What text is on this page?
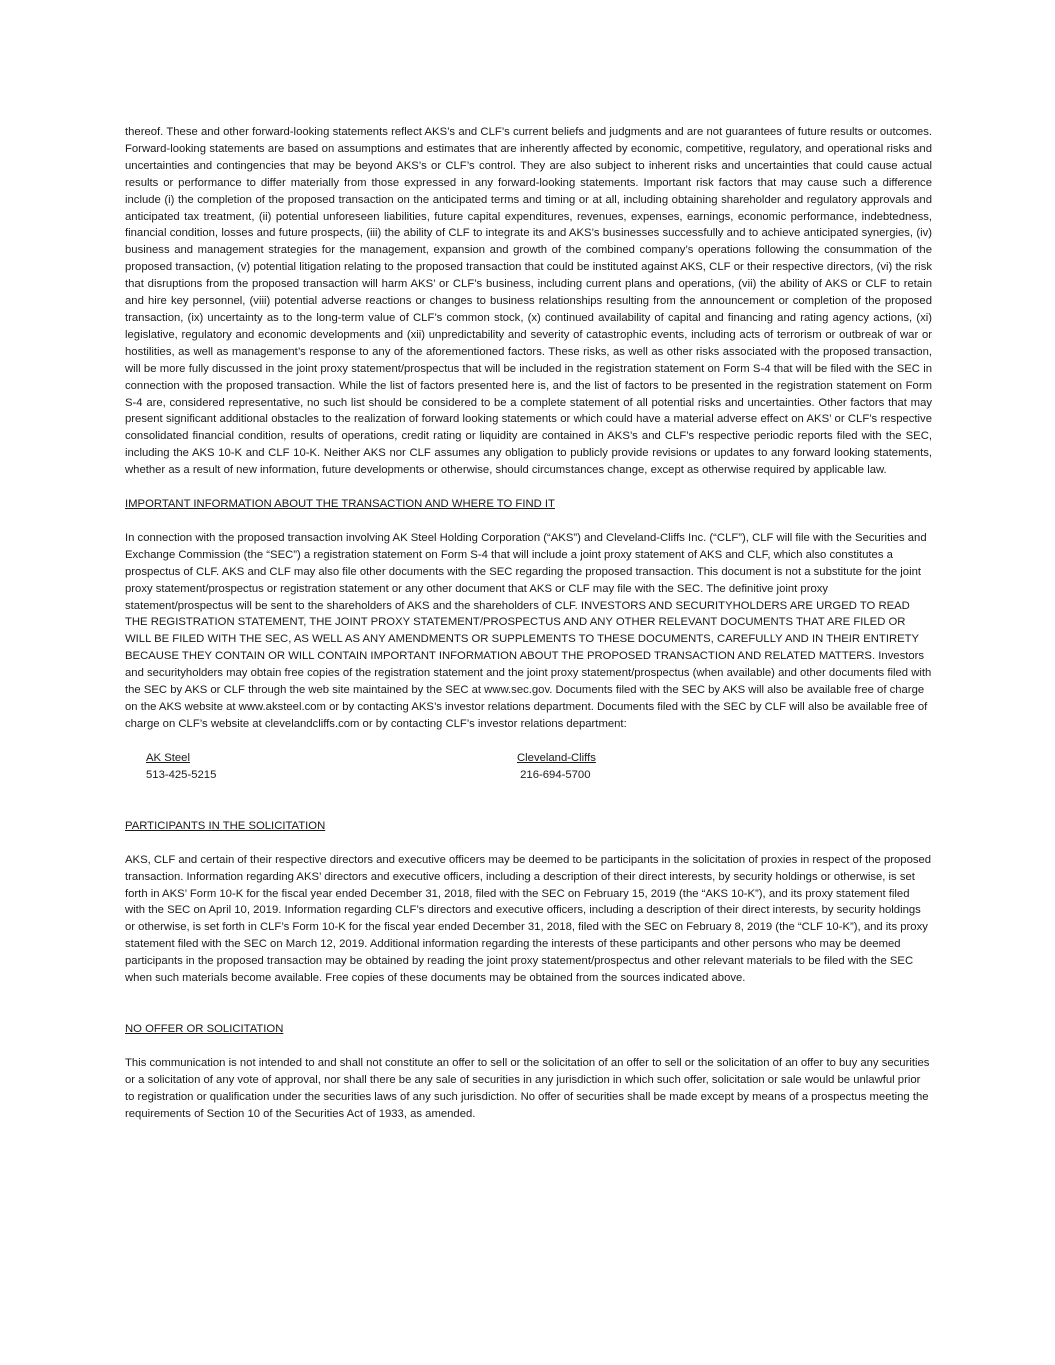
thereof. These and other forward-looking statements reflect AKS’s and CLF’s current beliefs and judgments and are not guarantees of future results or outcomes. Forward-looking statements are based on assumptions and estimates that are inherently affected by economic, competitive, regulatory, and operational risks and uncertainties and contingencies that may be beyond AKS’s or CLF’s control. They are also subject to inherent risks and uncertainties that could cause actual results or performance to differ materially from those expressed in any forward-looking statements. Important risk factors that may cause such a difference include (i) the completion of the proposed transaction on the anticipated terms and timing or at all, including obtaining shareholder and regulatory approvals and anticipated tax treatment, (ii) potential unforeseen liabilities, future capital expenditures, revenues, expenses, earnings, economic performance, indebtedness, financial condition, losses and future prospects, (iii) the ability of CLF to integrate its and AKS’s businesses successfully and to achieve anticipated synergies, (iv) business and management strategies for the management, expansion and growth of the combined company’s operations following the consummation of the proposed transaction, (v) potential litigation relating to the proposed transaction that could be instituted against AKS, CLF or their respective directors, (vi) the risk that disruptions from the proposed transaction will harm AKS’ or CLF’s business, including current plans and operations, (vii) the ability of AKS or CLF to retain and hire key personnel, (viii) potential adverse reactions or changes to business relationships resulting from the announcement or completion of the proposed transaction, (ix) uncertainty as to the long-term value of CLF’s common stock, (x) continued availability of capital and financing and rating agency actions, (xi) legislative, regulatory and economic developments and (xii) unpredictability and severity of catastrophic events, including acts of terrorism or outbreak of war or hostilities, as well as management’s response to any of the aforementioned factors. These risks, as well as other risks associated with the proposed transaction, will be more fully discussed in the joint proxy statement/prospectus that will be included in the registration statement on Form S-4 that will be filed with the SEC in connection with the proposed transaction. While the list of factors presented here is, and the list of factors to be presented in the registration statement on Form S-4 are, considered representative, no such list should be considered to be a complete statement of all potential risks and uncertainties. Other factors that may present significant additional obstacles to the realization of forward looking statements or which could have a material adverse effect on AKS’ or CLF’s respective consolidated financial condition, results of operations, credit rating or liquidity are contained in AKS’s and CLF’s respective periodic reports filed with the SEC, including the AKS 10-K and CLF 10-K. Neither AKS nor CLF assumes any obligation to publicly provide revisions or updates to any forward looking statements, whether as a result of new information, future developments or otherwise, should circumstances change, except as otherwise required by applicable law.

IMPORTANT INFORMATION ABOUT THE TRANSACTION AND WHERE TO FIND IT

In connection with the proposed transaction involving AK Steel Holding Corporation (“AKS”) and Cleveland-Cliffs Inc. (“CLF”), CLF will file with the Securities and Exchange Commission (the “SEC”) a registration statement on Form S-4 that will include a joint proxy statement of AKS and CLF, which also constitutes a prospectus of CLF. AKS and CLF may also file other documents with the SEC regarding the proposed transaction. This document is not a substitute for the joint proxy statement/prospectus or registration statement or any other document that AKS or CLF may file with the SEC. The definitive joint proxy statement/prospectus will be sent to the shareholders of AKS and the shareholders of CLF. INVESTORS AND SECURITYHOLDERS ARE URGED TO READ THE REGISTRATION STATEMENT, THE JOINT PROXY STATEMENT/PROSPECTUS AND ANY OTHER RELEVANT DOCUMENTS THAT ARE FILED OR WILL BE FILED WITH THE SEC, AS WELL AS ANY AMENDMENTS OR SUPPLEMENTS TO THESE DOCUMENTS, CAREFULLY AND IN THEIR ENTIRETY BECAUSE THEY CONTAIN OR WILL CONTAIN IMPORTANT INFORMATION ABOUT THE PROPOSED TRANSACTION AND RELATED MATTERS. Investors and securityholders may obtain free copies of the registration statement and the joint proxy statement/prospectus (when available) and other documents filed with the SEC by AKS or CLF through the web site maintained by the SEC at www.sec.gov. Documents filed with the SEC by AKS will also be available free of charge on the AKS website at www.aksteel.com or by contacting AKS’s investor relations department. Documents filed with the SEC by CLF will also be available free of charge on CLF’s website at clevelandcliffs.com or by contacting CLF’s investor relations department:

AK Steel
513-425-5215
Cleveland-Cliffs
216-694-5700

PARTICIPANTS IN THE SOLICITATION

AKS, CLF and certain of their respective directors and executive officers may be deemed to be participants in the solicitation of proxies in respect of the proposed transaction. Information regarding AKS’ directors and executive officers, including a description of their direct interests, by security holdings or otherwise, is set forth in AKS’ Form 10-K for the fiscal year ended December 31, 2018, filed with the SEC on February 15, 2019 (the “AKS 10-K”), and its proxy statement filed with the SEC on April 10, 2019. Information regarding CLF’s directors and executive officers, including a description of their direct interests, by security holdings or otherwise, is set forth in CLF’s Form 10-K for the fiscal year ended December 31, 2018, filed with the SEC on February 8, 2019 (the “CLF 10-K”), and its proxy statement filed with the SEC on March 12, 2019. Additional information regarding the interests of these participants and other persons who may be deemed participants in the proposed transaction may be obtained by reading the joint proxy statement/prospectus and other relevant materials to be filed with the SEC when such materials become available. Free copies of these documents may be obtained from the sources indicated above.

NO OFFER OR SOLICITATION

This communication is not intended to and shall not constitute an offer to sell or the solicitation of an offer to sell or the solicitation of an offer to buy any securities or a solicitation of any vote of approval, nor shall there be any sale of securities in any jurisdiction in which such offer, solicitation or sale would be unlawful prior to registration or qualification under the securities laws of any such jurisdiction. No offer of securities shall be made except by means of a prospectus meeting the requirements of Section 10 of the Securities Act of 1933, as amended.
